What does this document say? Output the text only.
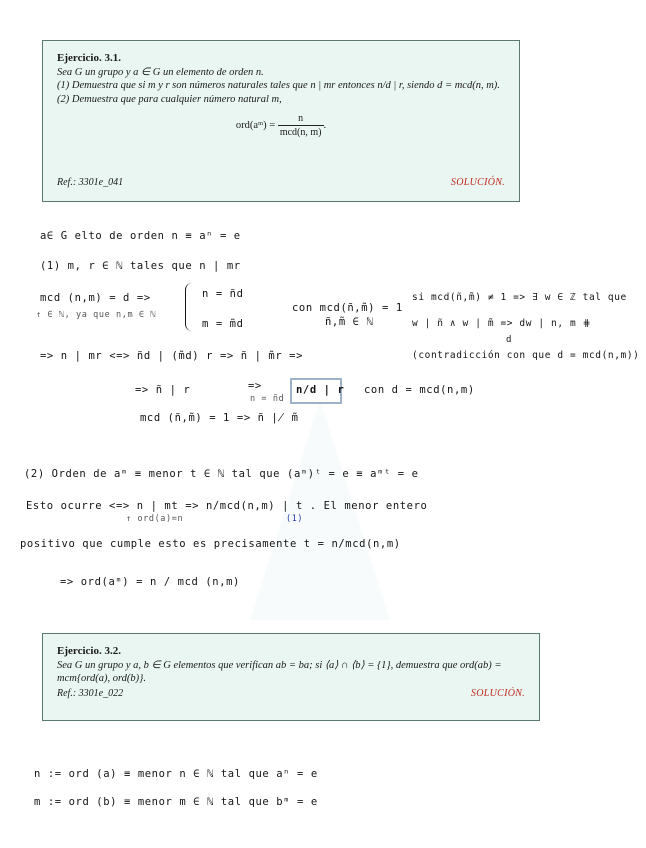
Ejercicio. 3.1.
Sea G un grupo y a ∈ G un elemento de orden n.
(1) Demuestra que si m y r son números naturales tales que n | mr entonces n/d | r, siendo d = mcd(n, m).
(2) Demuestra que para cualquier número natural m,
ord(aᵐ) = $\frac{n}{\text{mcd(n, m)}}$ .
Ref.: 3301e_041	SOLUCIÓN.
a∈ G elto de orden n ≡ aⁿ = e
(1) m, r ∈ ℕ tales que n | mr
mcd (n,m) = d =>	n = ñd
m = m̃d
con mcd(ñ,m̃) = 1
ñ,m̃ ∈ ℕ
si mcd(ñ,m̃) ≠ 1 => ∃ w ∈ ℤ tal que
w | ñ ∧ w | m̃ => dw | n, m ⋕
d
(contradicción con que d = mcd(n,m))
↑ ∈ ℕ, ya que n,m ∈ ℕ
=> n | mr <=> ñd | (m̃d) r => ñ | m̃r =>
=> ñ | r	=>
n = ñd
n/d | r con d = mcd(n,m)
mcd (ñ,m̃) = 1 => ñ ∤ m̃
(2) Orden de aᵐ ≡ menor t ∈ ℕ tal que (aᵐ)ᵗ = e ≡ aᵐᵗ = e
Esto ocurre <=> n | mt => n/mcd(n,m) | t . El menor entero
↑ ord(a)=n	(1)
positivo que cumple esto es precisamente t = n/mcd(n,m)
=> ord(aᵐ) = n / mcd (n,m)
Ejercicio. 3.2.
Sea G un grupo y a, b ∈ G elementos que verifican ab = ba; si ⟨a⟩ ∩ ⟨b⟩ = {1}, demuestra que ord(ab) = mcm{ord(a), ord(b)}.
Ref.: 3301e_022	SOLUCIÓN.
n := ord (a) ≡ menor n ∈ ℕ tal que aⁿ = e
m := ord (b) ≡ menor m ∈ ℕ tal que bᵐ = e
